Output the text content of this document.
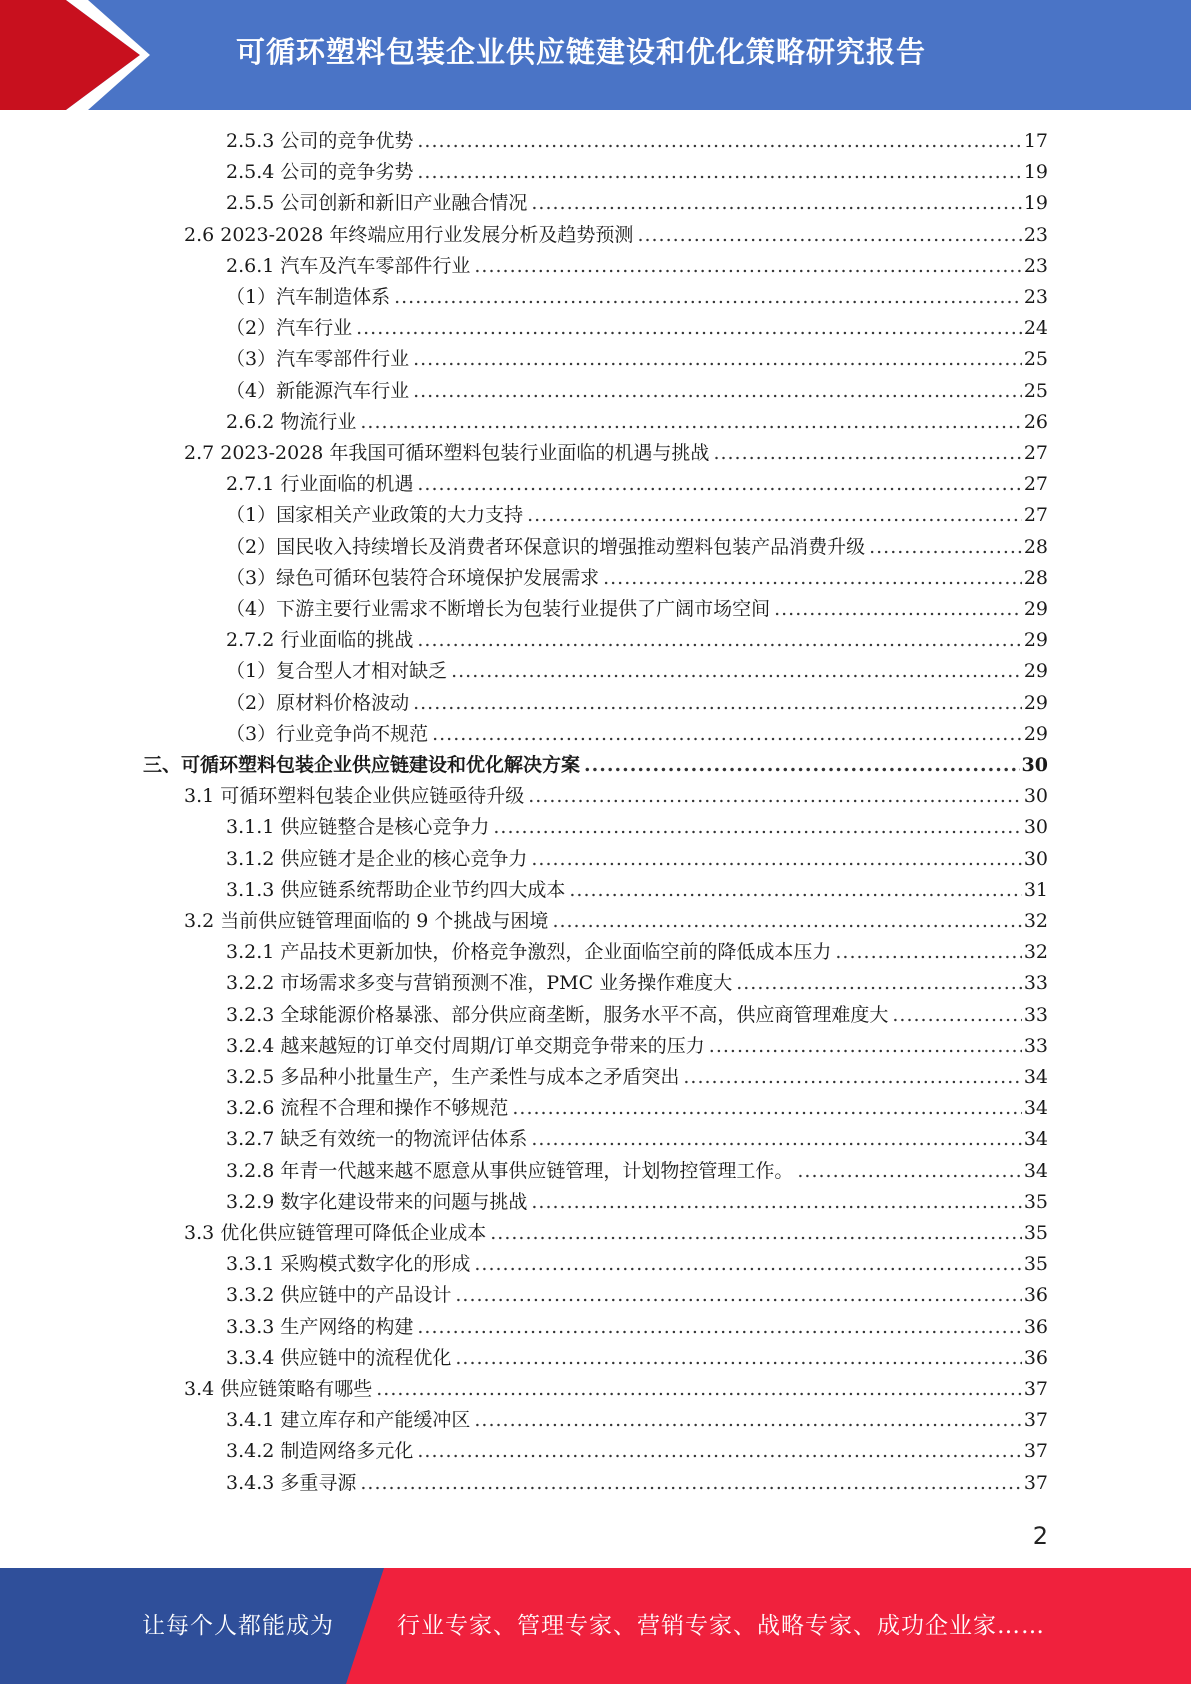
可循环塑料包装企业供应链建设和优化策略研究报告
2.5.3 公司的竞争优势 .....	17
2.5.4 公司的竞争劣势 .....	19
2.5.5 公司创新和新旧产业融合情况 .....	19
2.6 2023-2028 年终端应用行业发展分析及趋势预测 .....	23
2.6.1 汽车及汽车零部件行业 .....	23
（1）汽车制造体系 .....	23
（2）汽车行业 .....	24
（3）汽车零部件行业 .....	25
（4）新能源汽车行业 .....	25
2.6.2 物流行业 .....	26
2.7 2023-2028 年我国可循环塑料包装行业面临的机遇与挑战 .....	27
2.7.1 行业面临的机遇 .....	27
（1）国家相关产业政策的大力支持 .....	27
（2）国民收入持续增长及消费者环保意识的增强推动塑料包装产品消费升级 .....	28
（3）绿色可循环包装符合环境保护发展需求 .....	28
（4）下游主要行业需求不断增长为包装行业提供了广阔市场空间 .....	29
2.7.2 行业面临的挑战 .....	29
（1）复合型人才相对缺乏 .....	29
（2）原材料价格波动 .....	29
（3）行业竞争尚不规范 .....	29
三、可循环塑料包装企业供应链建设和优化解决方案 .....	30
3.1 可循环塑料包装企业供应链亟待升级 .....	30
3.1.1 供应链整合是核心竞争力 .....	30
3.1.2 供应链才是企业的核心竞争力 .....	30
3.1.3 供应链系统帮助企业节约四大成本 .....	31
3.2 当前供应链管理面临的 9 个挑战与困境 .....	32
3.2.1 产品技术更新加快，价格竞争激烈，企业面临空前的降低成本压力 .....	32
3.2.2 市场需求多变与营销预测不准，PMC 业务操作难度大 .....	33
3.2.3 全球能源价格暴涨、部分供应商垄断，服务水平不高，供应商管理难度大 .....	33
3.2.4 越来越短的订单交付周期/订单交期竞争带来的压力 .....	33
3.2.5 多品种小批量生产，生产柔性与成本之矛盾突出 .....	34
3.2.6 流程不合理和操作不够规范 .....	34
3.2.7 缺乏有效统一的物流评估体系 .....	34
3.2.8 年青一代越来越不愿意从事供应链管理，计划物控管理工作。 .....	34
3.2.9 数字化建设带来的问题与挑战 .....	35
3.3 优化供应链管理可降低企业成本 .....	35
3.3.1 采购模式数字化的形成 .....	35
3.3.2 供应链中的产品设计 .....	36
3.3.3 生产网络的构建 .....	36
3.3.4 供应链中的流程优化 .....	36
3.4 供应链策略有哪些 .....	37
3.4.1 建立库存和产能缓冲区 .....	37
3.4.2 制造网络多元化 .....	37
3.4.3 多重寻源 .....	37
2
让每个人都能成为	行业专家、管理专家、营销专家、战略专家、成功企业家……
